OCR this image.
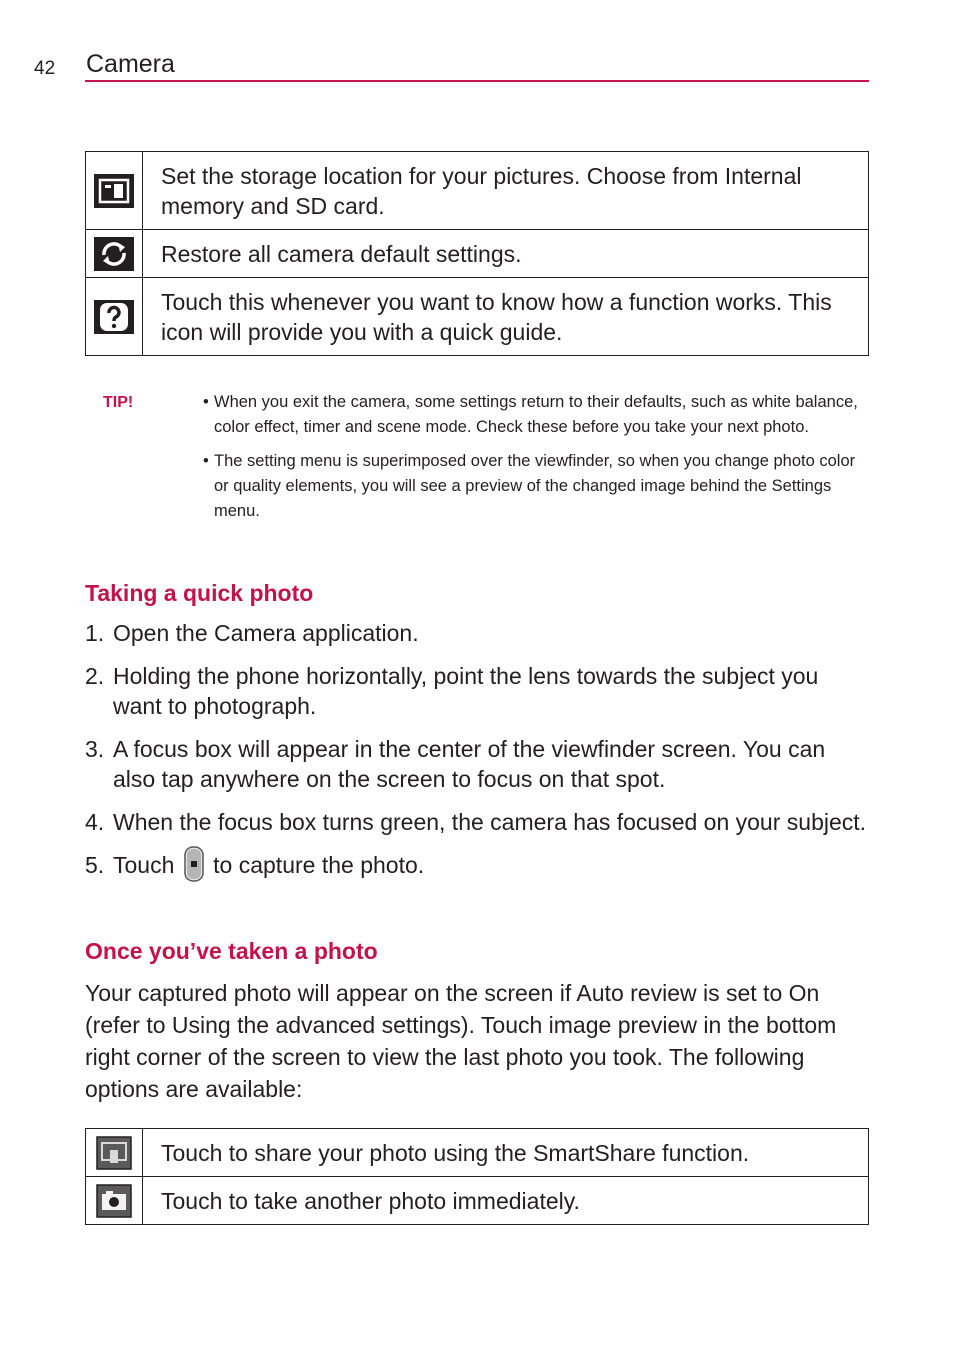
42 Camera
	Set the storage location for your pictures. Choose from Internal memory and SD card.

	Restore all camera default settings.

	Touch this whenever you want to know how a function works. This icon will provide you with a quick guide.
TIP!	• When you exit the camera, some settings return to their defaults, such as white balance, color effect, timer and scene mode. Check these before you take your next photo.
• The setting menu is superimposed over the viewfinder, so when you change photo color or quality elements, you will see a preview of the changed image behind the Settings menu.
Taking a quick photo
1. Open the Camera application.
2. Holding the phone horizontally, point the lens towards the subject you want to photograph.
3. A focus box will appear in the center of the viewfinder screen. You can also tap anywhere on the screen to focus on that spot.
4. When the focus box turns green, the camera has focused on your subject.
5. Touch
to capture the photo.
Once you’ve taken a photo

Your captured photo will appear on the screen if Auto review is set to On (refer to Using the advanced settings). Touch image preview in the bottom right corner of the screen to view the last photo you took. The following options are available:

	Touch to share your photo using the SmartShare function.

	Touch to take another photo immediately.
